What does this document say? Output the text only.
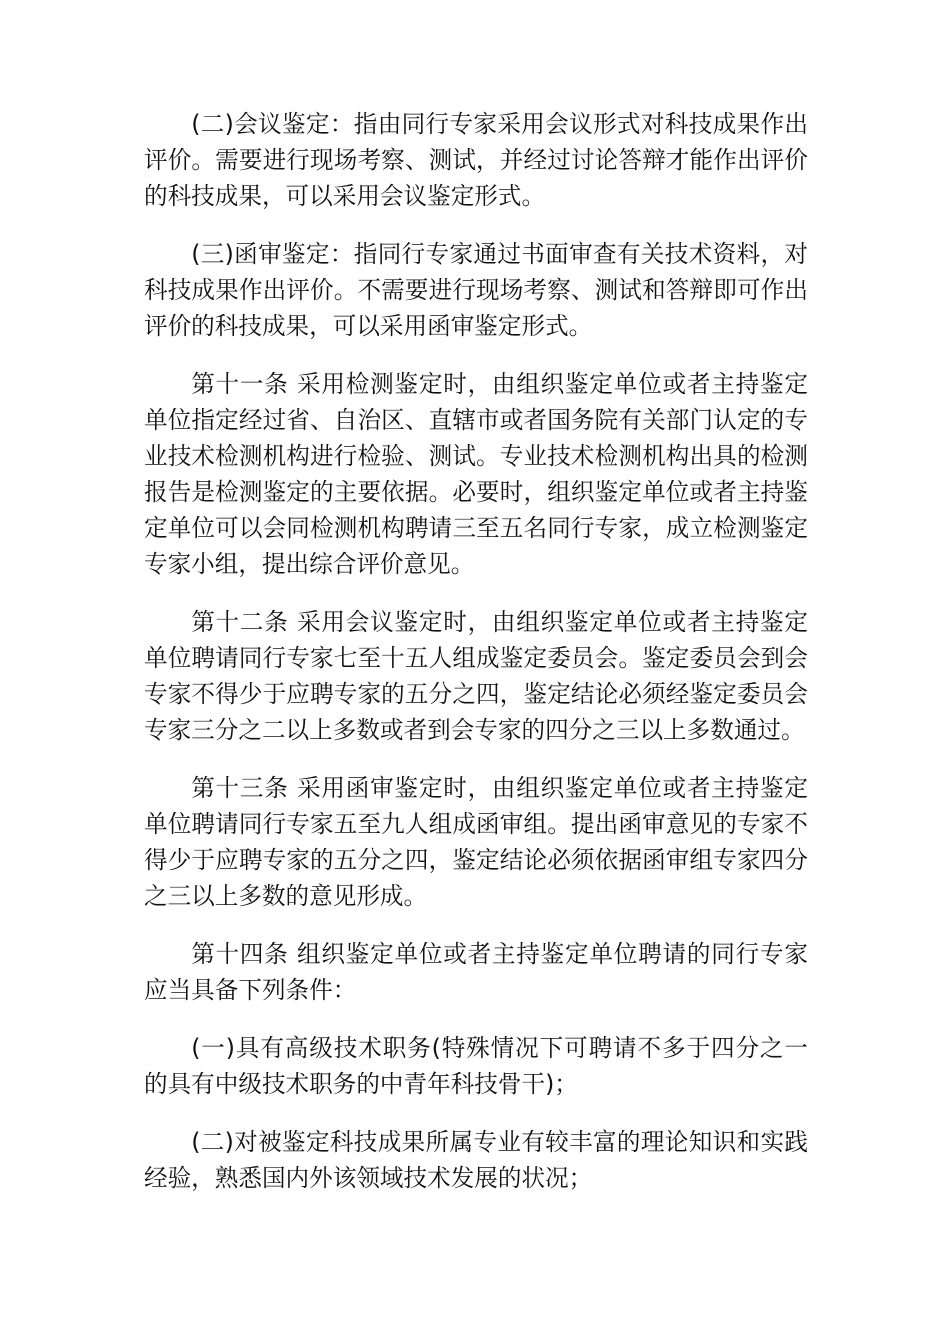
(二)会议鉴定：指由同行专家采用会议形式对科技成果作出评价。需要进行现场考察、测试，并经过讨论答辩才能作出评价的科技成果，可以采用会议鉴定形式。

(三)函审鉴定：指同行专家通过书面审查有关技术资料，对科技成果作出评价。不需要进行现场考察、测试和答辩即可作出评价的科技成果，可以采用函审鉴定形式。

第十一条 采用检测鉴定时，由组织鉴定单位或者主持鉴定单位指定经过省、自治区、直辖市或者国务院有关部门认定的专业技术检测机构进行检验、测试。专业技术检测机构出具的检测报告是检测鉴定的主要依据。必要时，组织鉴定单位或者主持鉴定单位可以会同检测机构聘请三至五名同行专家，成立检测鉴定专家小组，提出综合评价意见。

第十二条 采用会议鉴定时，由组织鉴定单位或者主持鉴定单位聘请同行专家七至十五人组成鉴定委员会。鉴定委员会到会专家不得少于应聘专家的五分之四，鉴定结论必须经鉴定委员会专家三分之二以上多数或者到会专家的四分之三以上多数通过。

第十三条 采用函审鉴定时，由组织鉴定单位或者主持鉴定单位聘请同行专家五至九人组成函审组。提出函审意见的专家不得少于应聘专家的五分之四，鉴定结论必须依据函审组专家四分之三以上多数的意见形成。

第十四条 组织鉴定单位或者主持鉴定单位聘请的同行专家应当具备下列条件：

(一)具有高级技术职务(特殊情况下可聘请不多于四分之一的具有中级技术职务的中青年科技骨干)；

(二)对被鉴定科技成果所属专业有较丰富的理论知识和实践经验，熟悉国内外该领域技术发展的状况；
